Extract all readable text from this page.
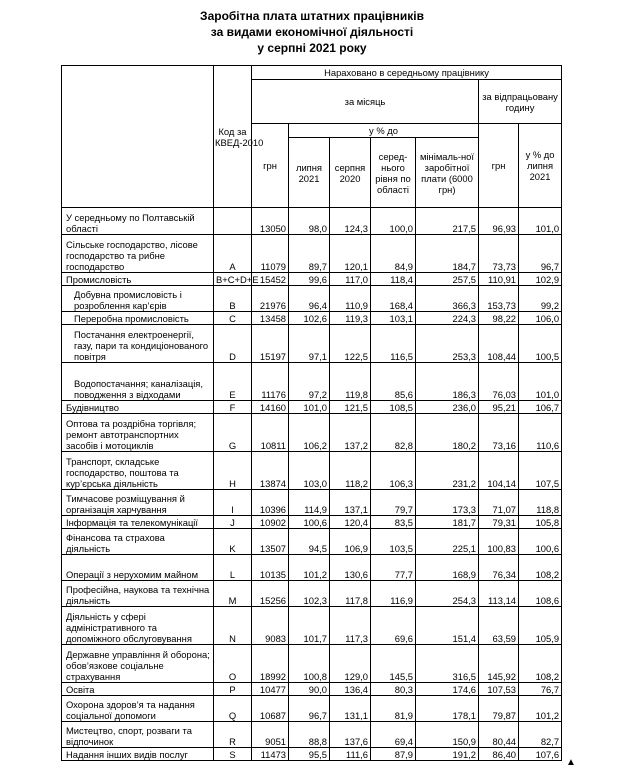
Заробітна плата штатних працівників
за видами економічної діяльності
у серпні 2021 року
	Код за КВЕД-2010	Нараховано в середньому працівнику						
		за місяць					за відпрацьовану годину	
		грн	у % до				грн	у % до липня 2021
			липня 2021	серпня 2020	серед-нього рівня по області	мінімаль-ної заробітної плати (6000 грн)		
У середньому по Полтавській області		13050	98,0	124,3	100,0	217,5	96,93	101,0
Сільське господарство, лісове господарство та рибне господарство	A	11079	89,7	120,1	84,9	184,7	73,73	96,7
Промисловість	B+C+D+E	15452	99,6	117,0	118,4	257,5	110,91	102,9
Добувна промисловість і розроблення кар’єрів	B	21976	96,4	110,9	168,4	366,3	153,73	99,2
Переробна промисловість	C	13458	102,6	119,3	103,1	224,3	98,22	106,0
Постачання електроенергії, газу, пари та кондиціонованого повітря	D	15197	97,1	122,5	116,5	253,3	108,44	100,5
Водопостачання; каналізація, поводження з відходами	E	11176	97,2	119,8	85,6	186,3	76,03	101,0
Будівництво	F	14160	101,0	121,5	108,5	236,0	95,21	106,7
Оптова та роздрібна торгівля; ремонт автотранспортних засобів і мотоциклів	G	10811	106,2	137,2	82,8	180,2	73,16	110,6
Транспорт, складське господарство, поштова та кур’єрська діяльність	H	13874	103,0	118,2	106,3	231,2	104,14	107,5
Тимчасове розміщування й організація харчування	I	10396	114,9	137,1	79,7	173,3	71,07	118,8
Інформація та телекомунікації	J	10902	100,6	120,4	83,5	181,7	79,31	105,8
Фінансова та страхова діяльність	K	13507	94,5	106,9	103,5	225,1	100,83	100,6
Операції з нерухомим майном	L	10135	101,2	130,6	77,7	168,9	76,34	108,2
Професійна, наукова та технічна діяльність	M	15256	102,3	117,8	116,9	254,3	113,14	108,6
Діяльність у сфері адміністративного та допоміжного обслуговування	N	9083	101,7	117,3	69,6	151,4	63,59	105,9
Державне управління й оборона; обов’язкове соціальне страхування	O	18992	100,8	129,0	145,5	316,5	145,92	108,2
Освіта	P	10477	90,0	136,4	80,3	174,6	107,53	76,7
Охорона здоров’я та надання соціальної допомоги	Q	10687	96,7	131,1	81,9	178,1	79,87	101,2
Мистецтво, спорт, розваги та відпочинок	R	9051	88,8	137,6	69,4	150,9	80,44	82,7
Надання інших видів послуг	S	11473	95,5	111,6	87,9	191,2	86,40	107,6
▲
